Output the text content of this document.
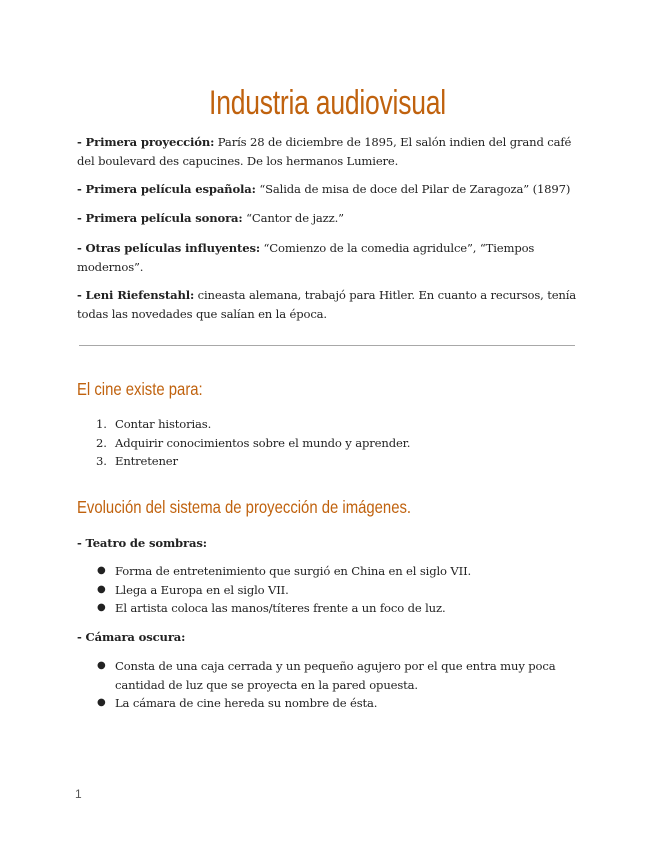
Industria audiovisual
- Primera proyección: París 28 de diciembre de 1895, El salón indien del grand café del boulevard des capucines. De los hermanos Lumiere.
- Primera película española: “Salida de misa de doce del Pilar de Zaragoza” (1897)
- Primera película sonora: “Cantor de jazz.”
- Otras películas influyentes: “Comienzo de la comedia agridulce”, “Tiempos modernos”.
- Leni Riefenstahl: cineasta alemana, trabajó para Hitler. En cuanto a recursos, tenía todas las novedades que salían en la época.
El cine existe para:
1. Contar historias.
2. Adquirir conocimientos sobre el mundo y aprender.
3. Entretener
Evolución del sistema de proyección de imágenes.
- Teatro de sombras:
● Forma de entretenimiento que surgió en China en el siglo VII.
● Llega a Europa en el siglo VII.
● El artista coloca las manos/títeres frente a un foco de luz.
- Cámara oscura:
● Consta de una caja cerrada y un pequeño agujero por el que entra muy poca cantidad de luz que se proyecta en la pared opuesta.
● La cámara de cine hereda su nombre de ésta.
1
